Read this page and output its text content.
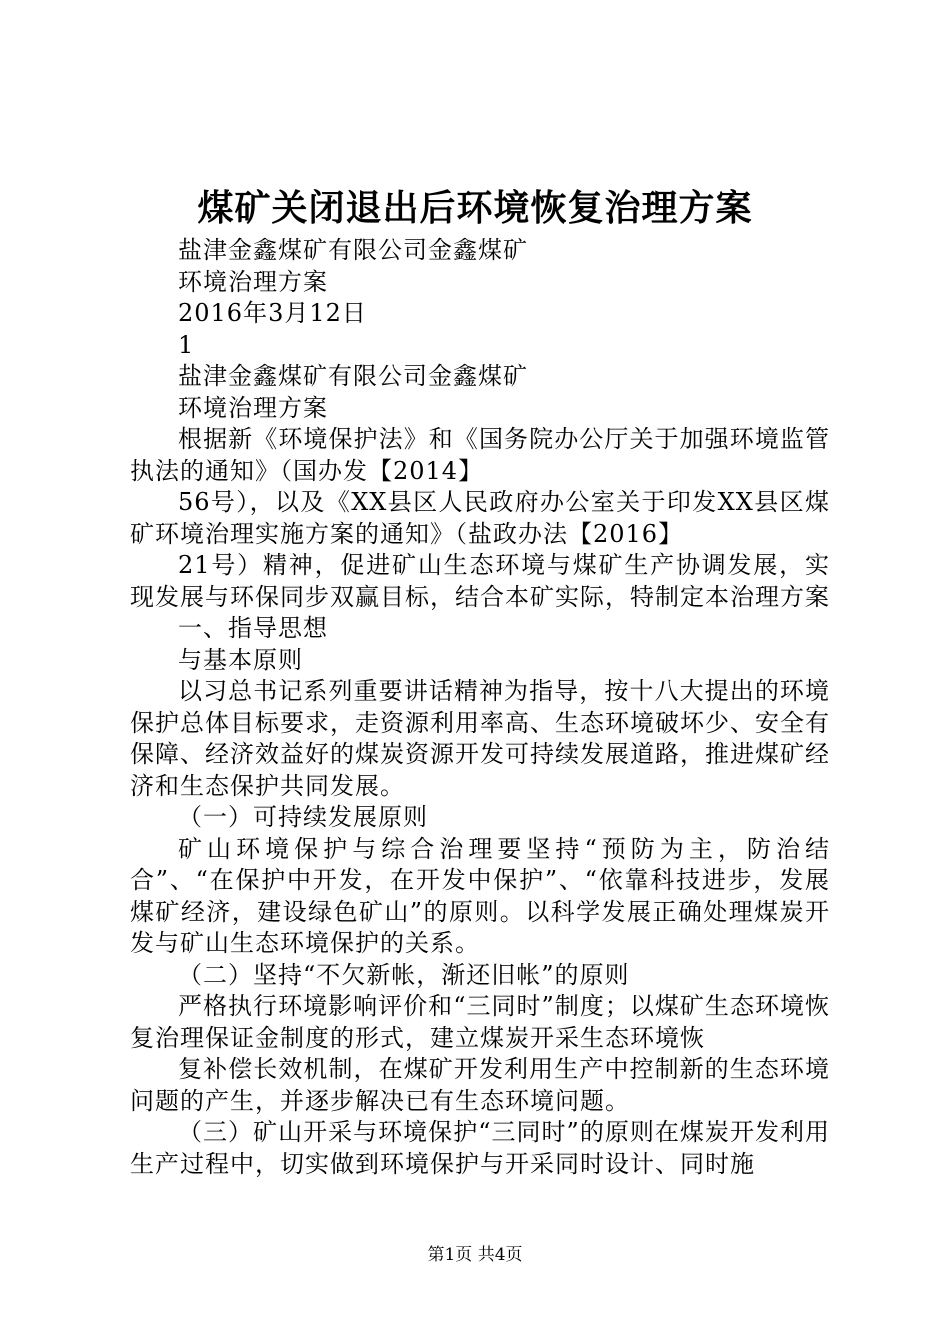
煤矿关闭退出后环境恢复治理方案

盐津金鑫煤矿有限公司金鑫煤矿

环境治理方案

2016年3月12日

1

盐津金鑫煤矿有限公司金鑫煤矿

环境治理方案

根据新《环境保护法》和《国务院办公厅关于加强环境监管执法的通知》（国办发【2014】

56号），以及《XX县区人民政府办公室关于印发XX县区煤矿环境治理实施方案的通知》（盐政办法【2016】

21号）精神，促进矿山生态环境与煤矿生产协调发展，实现发展与环保同步双赢目标，结合本矿实际，特制定本治理方案

一、指导思想

与基本原则

以习总书记系列重要讲话精神为指导，按十八大提出的环境保护总体目标要求，走资源利用率高、生态环境破坏少、安全有保障、经济效益好的煤炭资源开发可持续发展道路，推进煤矿经济和生态保护共同发展。

（一）可持续发展原则

矿山环境保护与综合治理要坚持“预防为主，防治结合”、“在保护中开发，在开发中保护”、“依靠科技进步，发展煤矿经济，建设绿色矿山”的原则。以科学发展正确处理煤炭开发与矿山生态环境保护的关系。

（二）坚持“不欠新帐，渐还旧帐”的原则

严格执行环境影响评价和“三同时”制度；以煤矿生态环境恢复治理保证金制度的形式，建立煤炭开采生态环境恢

复补偿长效机制，在煤矿开发利用生产中控制新的生态环境问题的产生，并逐步解决已有生态环境问题。

（三）矿山开采与环境保护“三同时”的原则在煤炭开发利用生产过程中，切实做到环境保护与开采同时设计、同时施

第1页 共4页
